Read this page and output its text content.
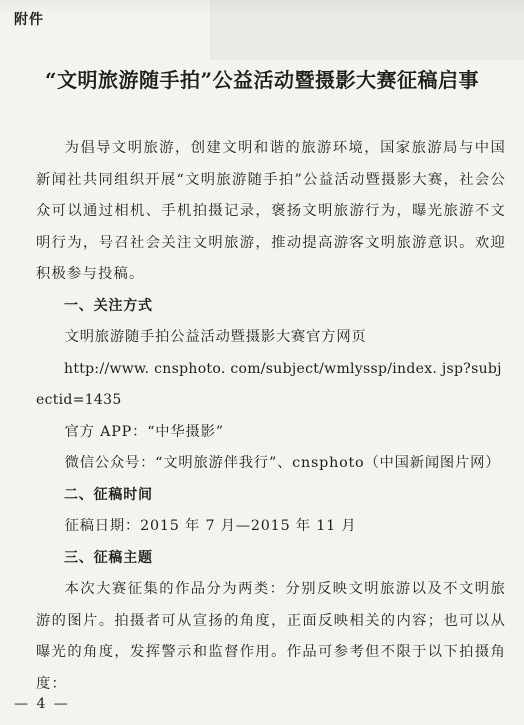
附件
“文明旅游随手拍”公益活动暨摄影大赛征稿启事

为倡导文明旅游，创建文明和谐的旅游环境，国家旅游局与中国新闻社共同组织开展“文明旅游随手拍”公益活动暨摄影大赛，社会公众可以通过相机、手机拍摄记录，褒扬文明旅游行为，曝光旅游不文明行为，号召社会关注文明旅游，推动提高游客文明旅游意识。欢迎积极参与投稿。

一、关注方式

文明旅游随手拍公益活动暨摄影大赛官方网页

http://www. cnsphoto. com/subject/wmlyssp/index. jsp?subjectid=1435

官方 APP：“中华摄影”

微信公众号：“文明旅游伴我行”、cnsphoto（中国新闻图片网）

二、征稿时间

征稿日期：2015 年 7 月—2015 年 11 月

三、征稿主题

本次大赛征集的作品分为两类：分别反映文明旅游以及不文明旅游的图片。拍摄者可从宣扬的角度，正面反映相关的内容；也可以从曝光的角度，发挥警示和监督作用。作品可参考但不限于以下拍摄角度：

— 4 —
